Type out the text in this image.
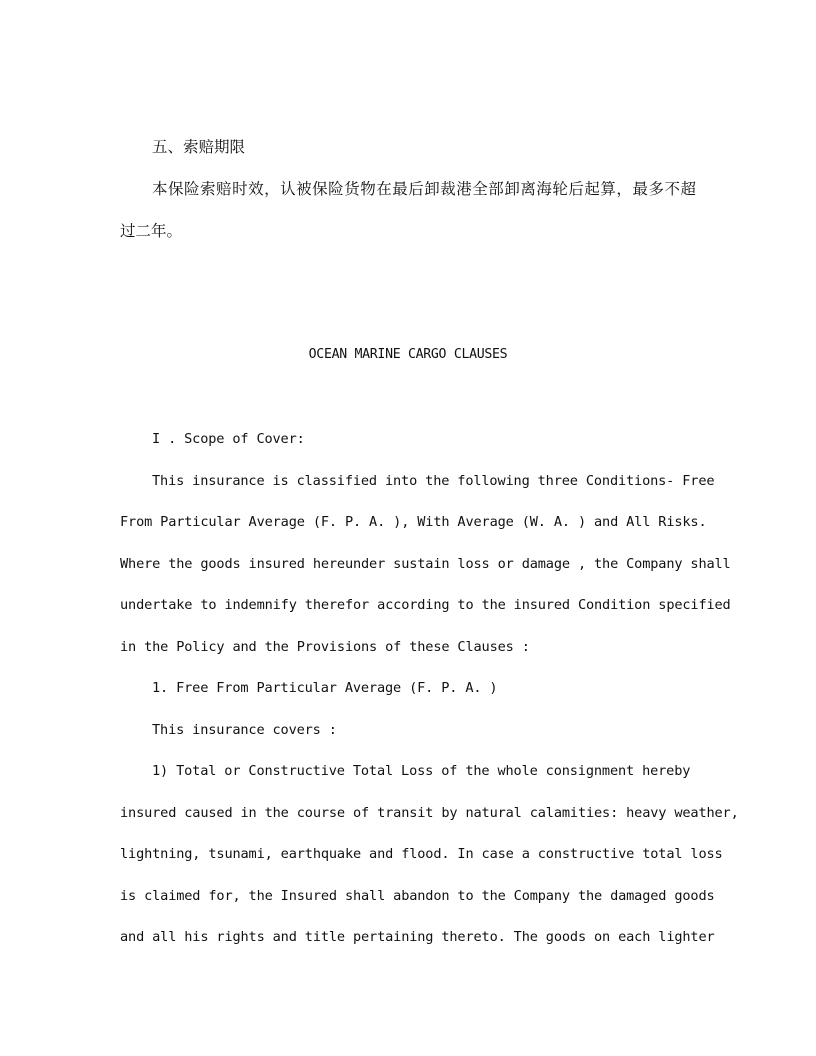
五、索赔期限
本保险索赔时效，认被保险货物在最后卸裁港全部卸离海轮后起算，最多不超
过二年。
OCEAN MARINE CARGO CLAUSES
I . Scope of Cover:
This insurance is classified into the following three Conditions- Free
From Particular Average (F. P. A. ), With Average (W. A. ) and All Risks.
Where the goods insured hereunder sustain loss or damage , the Company shall
undertake to indemnify therefor according to the insured Condition specified
in the Policy and the Provisions of these Clauses :
1. Free From Particular Average (F. P. A. )
This insurance covers :
1) Total or Constructive Total Loss of the whole consignment hereby
insured caused in the course of transit by natural calamities: heavy weather,
lightning, tsunami, earthquake and flood. In case a constructive total loss
is claimed for, the Insured shall abandon to the Company the damaged goods
and all his rights and title pertaining thereto. The goods on each lighter
